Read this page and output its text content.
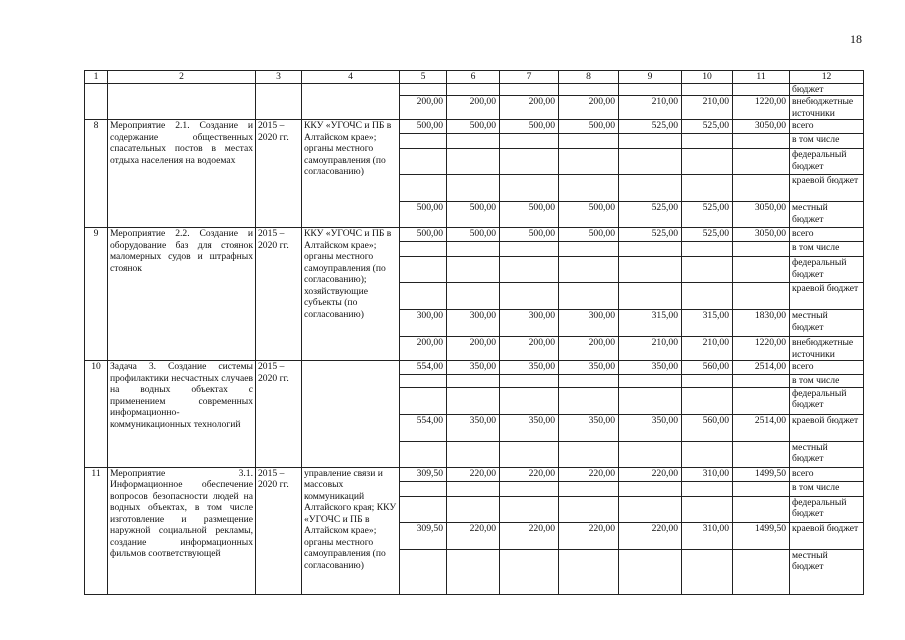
18
1	2	3	4	5	6	7	8	9	10	11	12
											бюджет
				200,00	200,00	200,00	200,00	210,00	210,00	1220,00	внебюджетные источники
8	Мероприятие 2.1. Создание и содержание общественных спасательных постов в местах отдыха населения на водоемах	2015 – 2020 гг.	ККУ «УГОЧС и ПБ в Алтайском крае»; органы местного самоуправления (по согласованию)	500,00	500,00	500,00	500,00	525,00	525,00	3050,00	всего
											в том числе
											федеральный бюджет
											краевой бюджет
				500,00	500,00	500,00	500,00	525,00	525,00	3050,00	местный бюджет
9	Мероприятие 2.2. Создание и оборудование баз для стоянок маломерных судов и штрафных стоянок	2015 – 2020 гг.	ККУ «УГОЧС и ПБ в Алтайском крае»; органы местного самоуправления (по согласованию); хозяйствующие субъекты (по согласованию)	500,00	500,00	500,00	500,00	525,00	525,00	3050,00	всего
											в том числе
											федеральный бюджет
											краевой бюджет
				300,00	300,00	300,00	300,00	315,00	315,00	1830,00	местный бюджет
				200,00	200,00	200,00	200,00	210,00	210,00	1220,00	внебюджетные источники
10	Задача 3. Создание системы профилактики несчастных случаев на водных объектах с применением современных информационно-коммуникационных технологий	2015 – 2020 гг.		554,00	350,00	350,00	350,00	350,00	560,00	2514,00	всего
											в том числе
											федеральный бюджет
				554,00	350,00	350,00	350,00	350,00	560,00	2514,00	краевой бюджет
											местный бюджет
11	Мероприятие 3.1. Информационное обеспечение вопросов безопасности людей на водных объектах, в том числе изготовление и размещение наружной социальной рекламы, создание информационных фильмов соответствующей	2015 – 2020 гг.	управление связи и массовых коммуникаций Алтайского края; ККУ «УГОЧС и ПБ в Алтайском крае»; органы местного самоуправления (по согласованию)	309,50	220,00	220,00	220,00	220,00	310,00	1499,50	всего
											в том числе
											федеральный бюджет
				309,50	220,00	220,00	220,00	220,00	310,00	1499,50	краевой бюджет
											местный бюджет
